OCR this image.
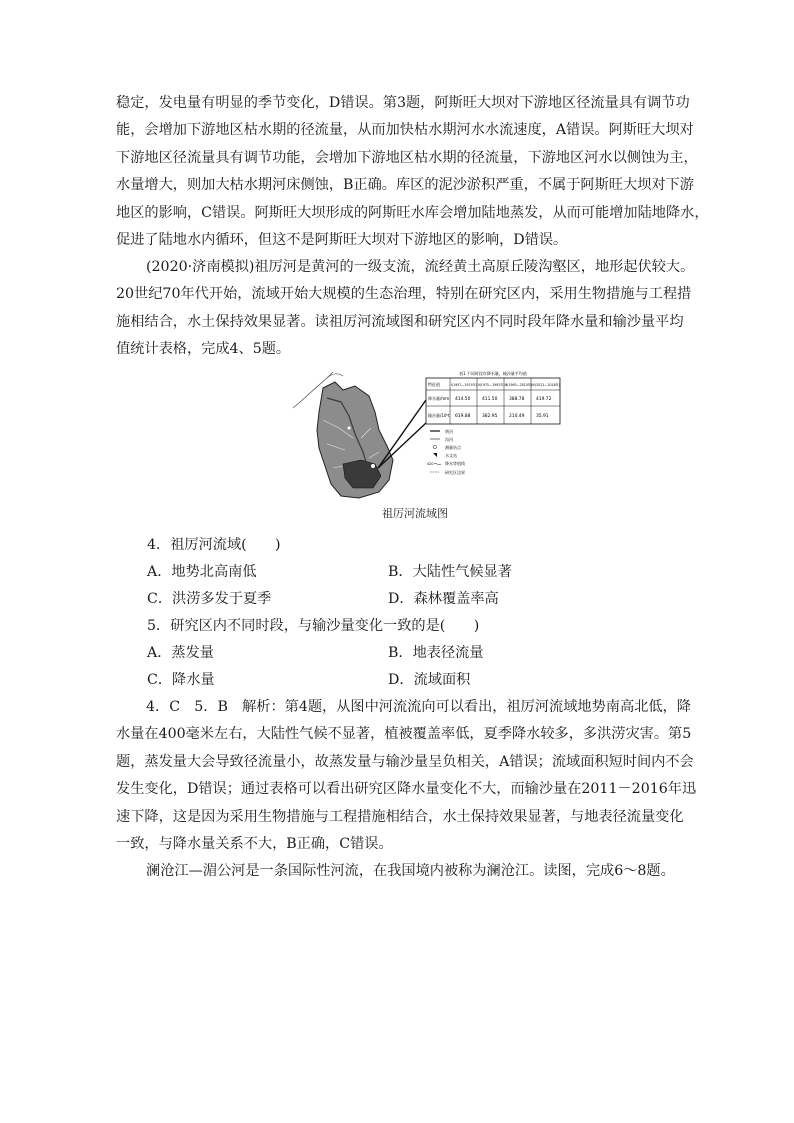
稳定，发电量有明显的季节变化，D错误。第3题，阿斯旺大坝对下游地区径流量具有调节功
能，会增加下游地区枯水期的径流量，从而加快枯水期河水水流速度，A错误。阿斯旺大坝对
下游地区径流量具有调节功能，会增加下游地区枯水期的径流量，下游地区河水以侧蚀为主，
水量增大，则加大枯水期河床侧蚀，B正确。库区的泥沙淤积严重，不属于阿斯旺大坝对下游
地区的影响，C错误。阿斯旺大坝形成的阿斯旺水库会增加陆地蒸发，从而可能增加陆地降水，
促进了陆地水内循环，但这不是阿斯旺大坝对下游地区的影响，D错误。
(2020·济南模拟)祖厉河是黄河的一级支流，流经黄土高原丘陵沟壑区，地形起伏较大。
20世纪70年代开始，流域开始大规模的生态治理，特别在研究区内，采用生物措施与工程措
施相结合，水土保持效果显著。读祖厉河流域图和研究区内不同时段年降水量和输沙量平均
值统计表格，完成4、5题。
表1 不同时段年降水量、输沙量平均值
特征值	Ⅰ(1957—1974年) Ⅱ(1975—1992年) Ⅲ(1993—2010年) Ⅳ(2011—2016年)
降水量/mm 414.50	411.50	388.78	419.72
输沙量/10⁶t 619.88	382.95	210.49	35.91
黄河
沟河
测量站点
水文站
420	降水等值线
研究区边界
祖厉河流域图
4．祖厉河流域(　　)
A．地势北高南低	B．大陆性气候显著
C．洪涝多发于夏季	D．森林覆盖率高
5．研究区内不同时段，与输沙量变化一致的是(　　)
A．蒸发量	B．地表径流量
C．降水量	D．流域面积
4．C　5．B　解析：第4题，从图中河流流向可以看出，祖厉河流域地势南高北低，降
水量在400毫米左右，大陆性气候不显著，植被覆盖率低，夏季降水较多，多洪涝灾害。第5
题，蒸发量大会导致径流量小，故蒸发量与输沙量呈负相关，A错误；流域面积短时间内不会
发生变化，D错误；通过表格可以看出研究区降水量变化不大，而输沙量在2011－2016年迅
速下降，这是因为采用生物措施与工程措施相结合，水土保持效果显著，与地表径流量变化
一致，与降水量关系不大，B正确，C错误。
澜沧江—湄公河是一条国际性河流，在我国境内被称为澜沧江。读图，完成6～8题。
